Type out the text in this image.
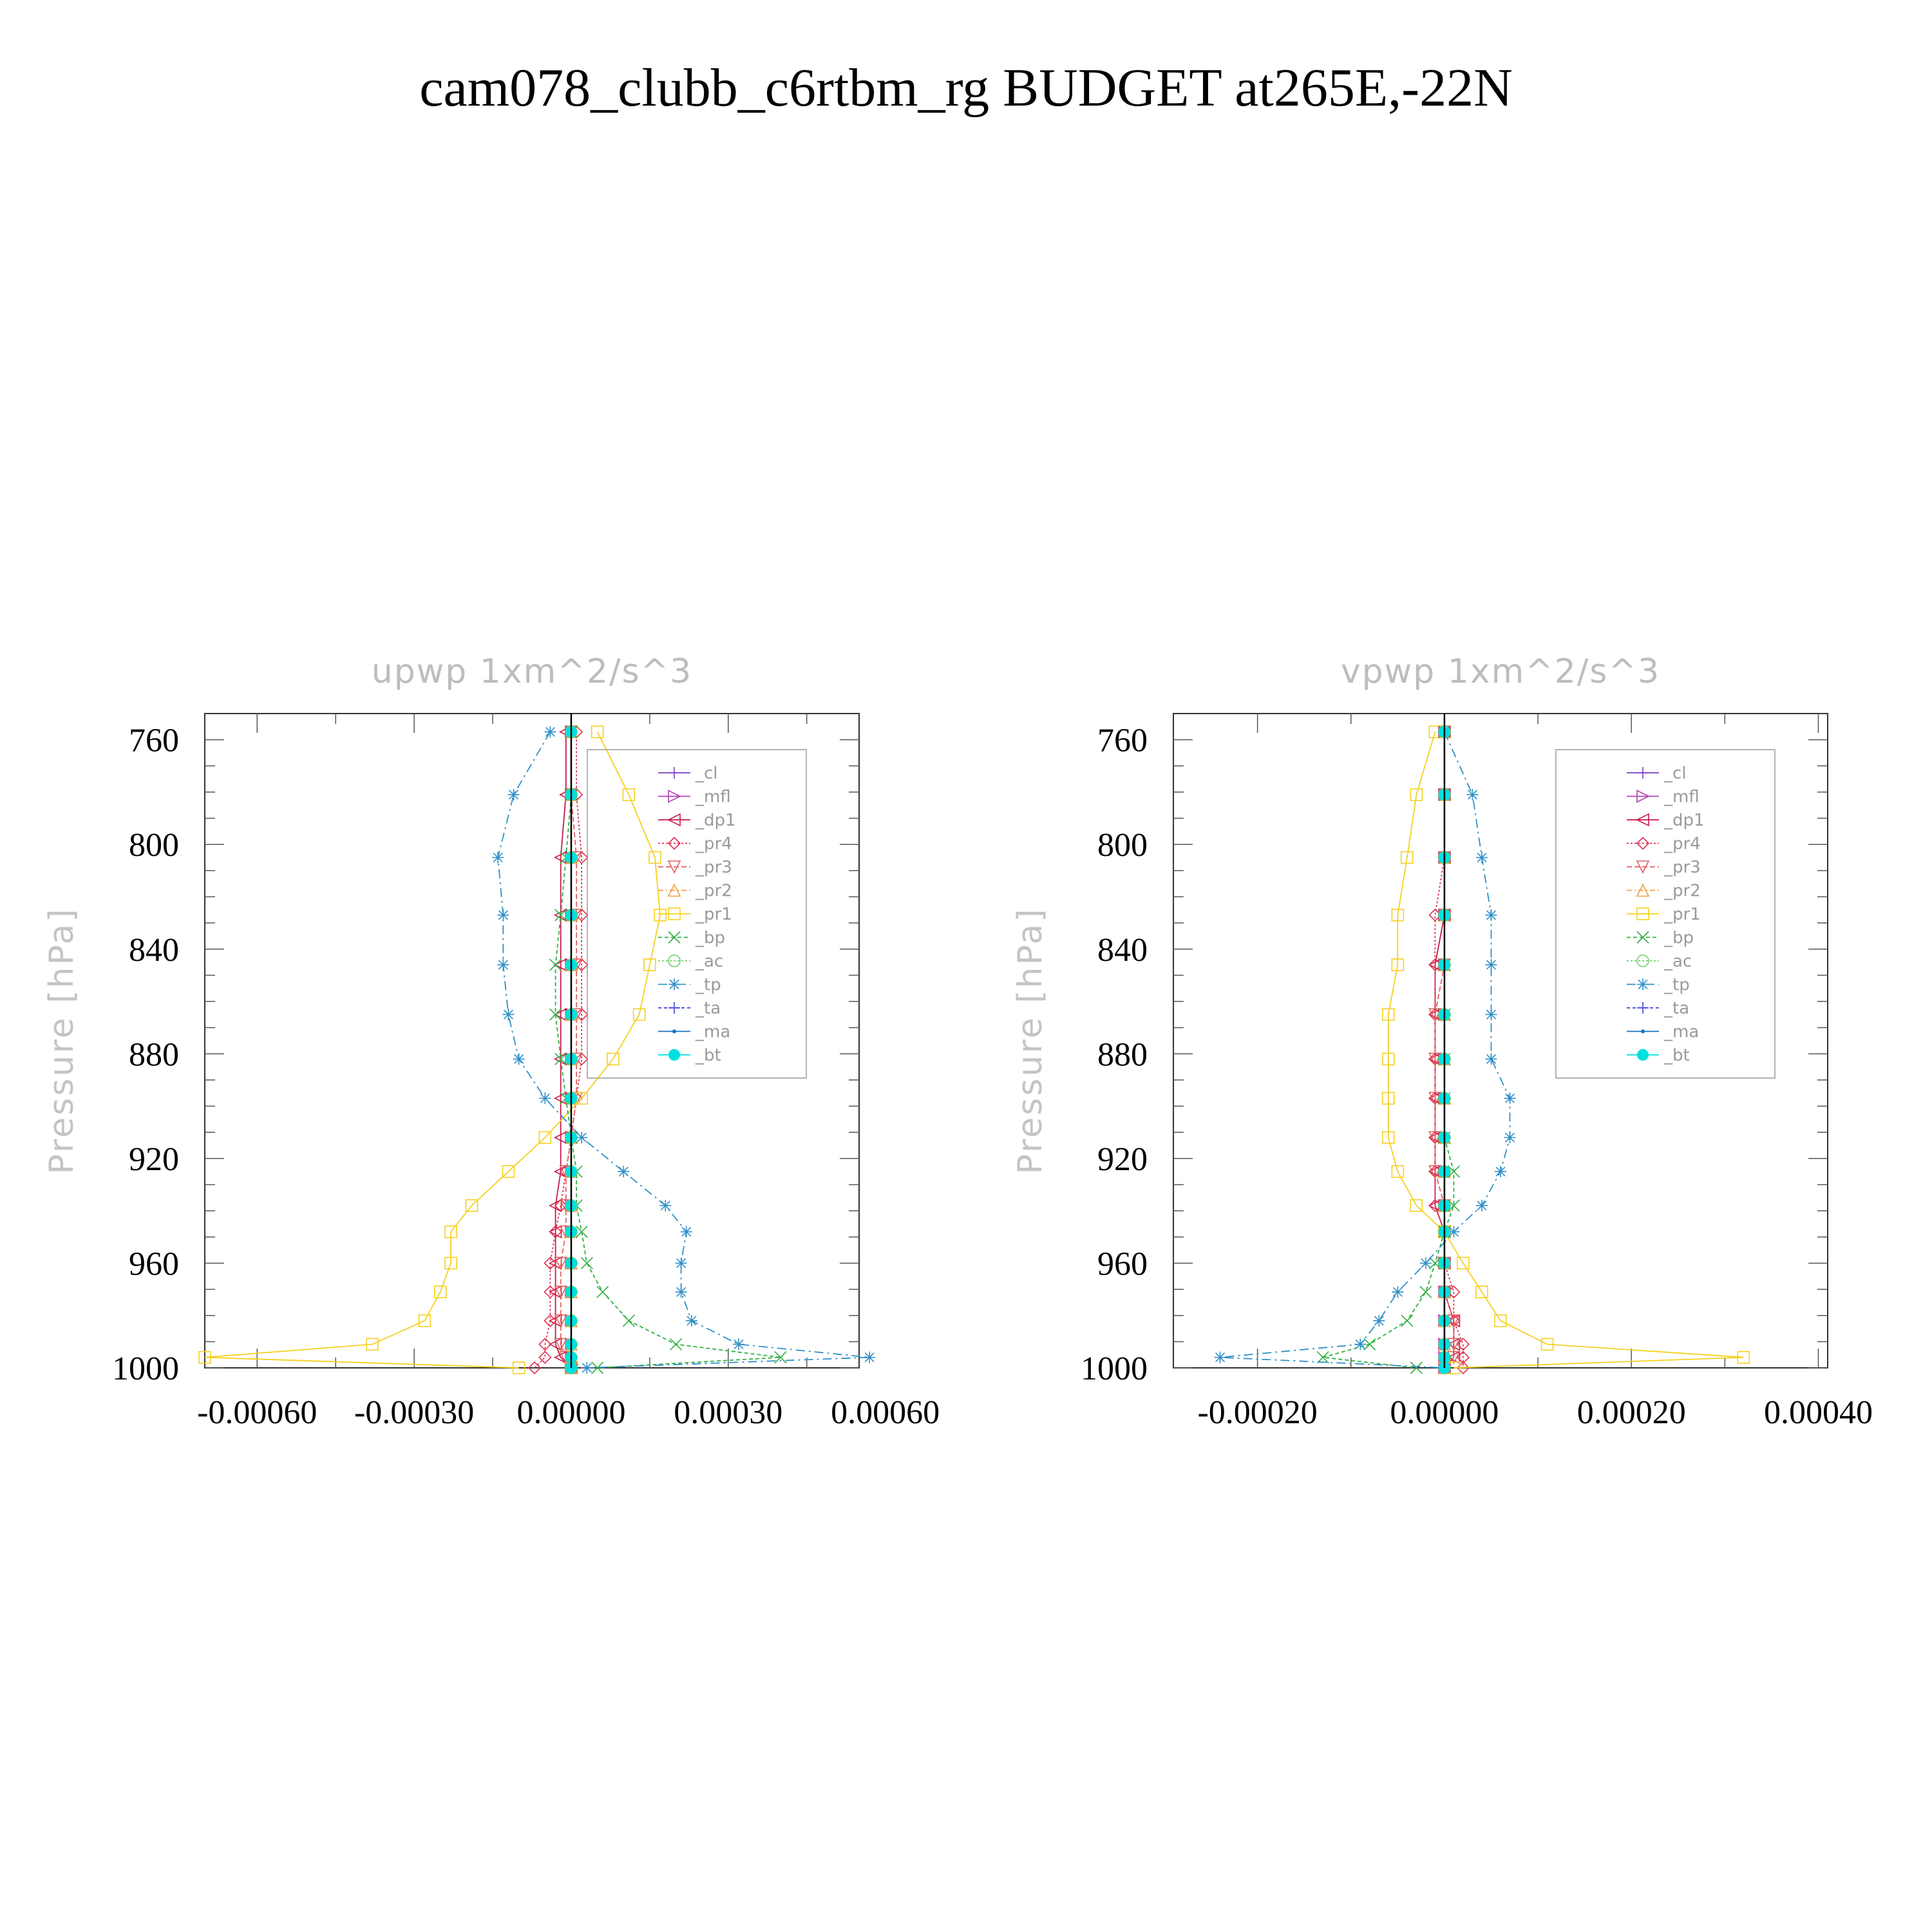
cam078_clubb_c6rtbm_rg BUDGET at265E,-22N
upwp 1xm^2/s^3
Pressure [hPa]
760
800
840
880
920
960
1000
-0.00060 -0.00030 0.00000 0.00030 0.00060
_cl
_mfl
_dp1
_pr4
_pr3
_pr2
_pr1
_bp
_ac
_tp
_ta
_ma
_bt
vpwp 1xm^2/s^3
Pressure [hPa]
760
800
840
880
920
960
1000
-0.00020 0.00000 0.00020 0.00040
_cl
_mfl
_dp1
_pr4
_pr3
_pr2
_pr1
_bp
_ac
_tp
_ta
_ma
_bt
